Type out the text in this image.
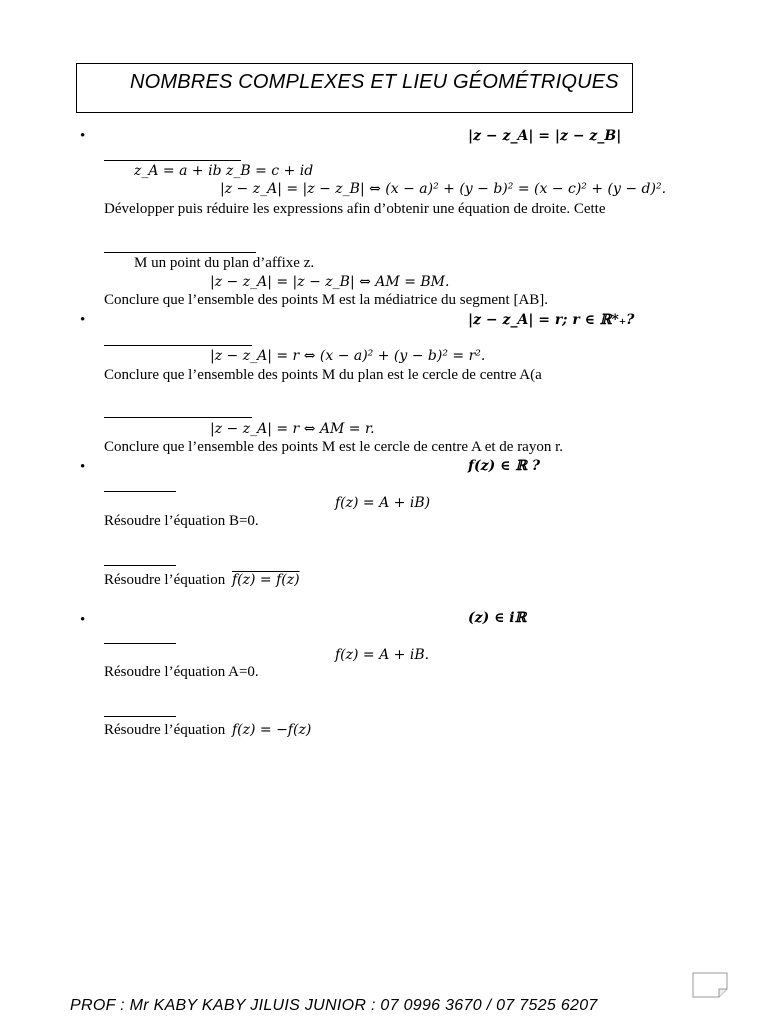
NOMBRES COMPLEXES ET LIEU GÉOMÉTRIQUES
•	|z − z_A| = |z − z_B|
z_A = a + ib z_B = c + id
|z − z_A| = |z − z_B| ⇔ (x − a)² + (y − b)² = (x − c)² + (y − d)².
Développer puis réduire les expressions afin d’obtenir une équation de droite. Cette
M un point du plan d’affixe z.
|z − z_A| = |z − z_B| ⇔ AM = BM.
Conclure que l’ensemble des points M est la médiatrice du segment [AB].
•	|z − z_A| = r; r ∈ ℝ*₊?
|z − z_A| = r ⇔ (x − a)² + (y − b)² = r².
Conclure que l’ensemble des points M du plan est le cercle de centre A(a
|z − z_A| = r ⇔ AM = r.
Conclure que l’ensemble des points M est le cercle de centre A et de rayon r.
•	f(z) ∈ ℝ ?
f(z) = A + iB)
Résoudre l’équation B=0.
Résoudre l’équation f(z) = f(z)
•	(z) ∈ iℝ
f(z) = A + iB.
Résoudre l’équation A=0.
Résoudre l’équation f(z) = −f(z)
PROF : Mr KABY KABY JILUIS JUNIOR : 07 0996 3670 / 07 7525 6207
